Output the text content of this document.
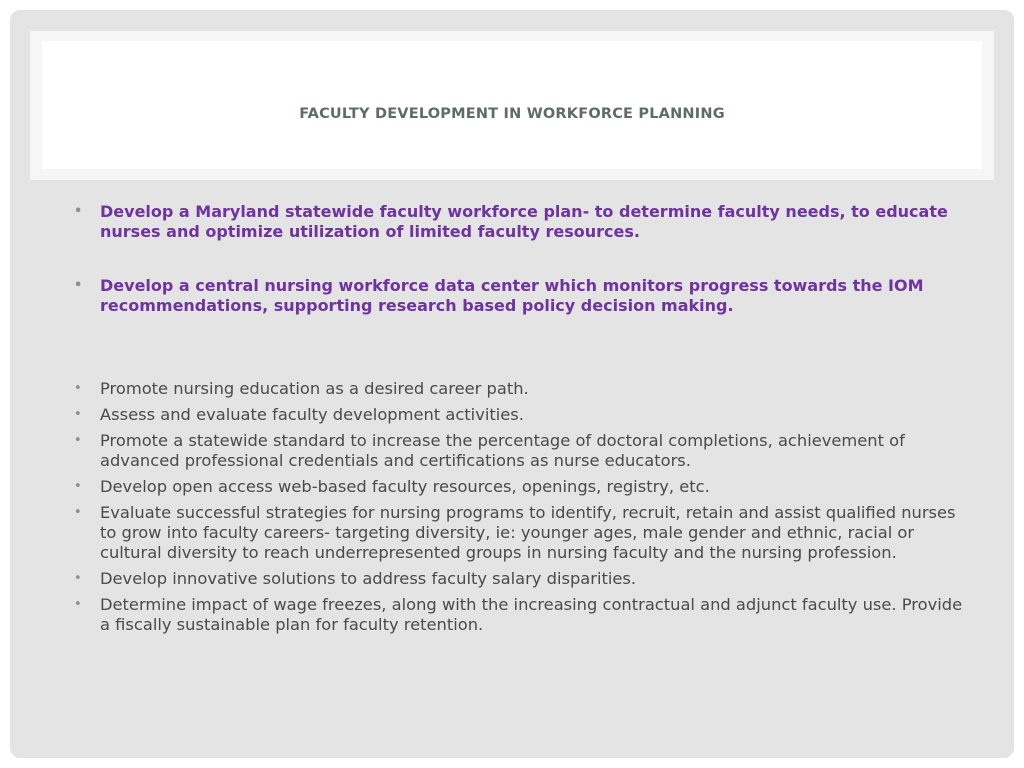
FACULTY DEVELOPMENT IN WORKFORCE PLANNING
• Develop a Maryland statewide faculty workforce plan- to determine faculty needs, to educate nurses and optimize utilization of limited faculty resources.
• Develop a central nursing workforce data center which monitors progress towards the IOM recommendations, supporting research based policy decision making.
• Promote nursing education as a desired career path.
• Assess and evaluate faculty development activities.
• Promote a statewide standard to increase the percentage of doctoral completions, achievement of advanced professional credentials and certifications as nurse educators.
• Develop open access web-based faculty resources, openings, registry, etc.
• Evaluate successful strategies for nursing programs to identify, recruit, retain and assist qualified nurses to grow into faculty careers- targeting diversity, ie: younger ages, male gender and ethnic, racial or cultural diversity to reach underrepresented groups in nursing faculty and the nursing profession.
• Develop innovative solutions to address faculty salary disparities.
• Determine impact of wage freezes, along with the increasing contractual and adjunct faculty use. Provide a fiscally sustainable plan for faculty retention.
